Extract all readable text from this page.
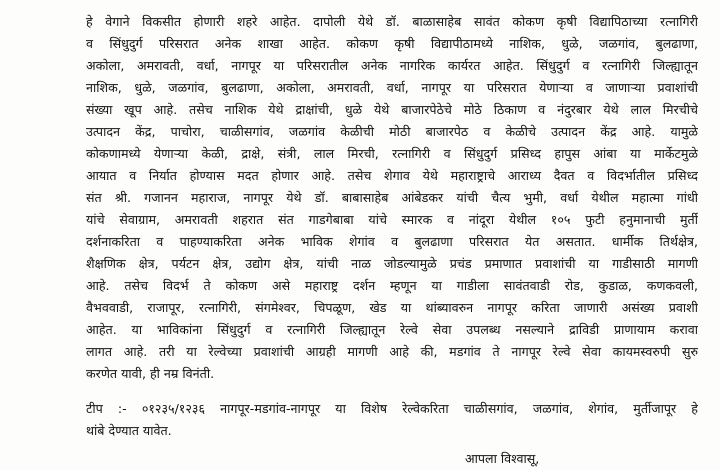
हे वेगाने विकसीत होणारी शहरे आहेत. दापोली येथे डॉ. बाळासाहेब सावंत कोकण कृषी विद्यापिठाच्या रत्नागिरी
व सिंधुदुर्ग परिसरात अनेक शाखा आहेत. कोकण कृषी विद्यापीठामध्ये नाशिक, धुळे, जळगांव, बुलढाणा,
अकोला, अमरावती, वर्धा, नागपूर या परिसरातील अनेक नागरिक कार्यरत आहेत. सिंधुदुर्ग व रत्नागिरी जिल्ह्यातून
नाशिक, धुळे, जळगांव, बुलढाणा, अकोला, अमरावती, वर्धा, नागपूर या परिसरात येणाऱ्या व जाणाऱ्या प्रवाशांची
संख्या खूप आहे. तसेच नाशिक येथे द्राक्षांची, धुळे येथे बाजारपेठेचे मोठे ठिकाण व नंदुरबार येथे लाल मिरचीचे
उत्पादन केंद्र, पाचोरा, चाळीसगांव, जळगांव केळीची मोठी बाजारपेठ व केळीचे उत्पादन केंद्र आहे. यामुळे
कोकणामध्ये येणाऱ्या केळी, द्राक्षे, संत्री, लाल मिरची, रत्नागिरी व सिंधुदुर्ग प्रसिध्द हापुस आंबा या मार्केटमुळे
आयात व निर्यात होण्यास मदत होणार आहे. तसेच शेगाव येथे महाराष्ट्राचे आराध्य दैवत व विदर्भातील प्रसिध्द
संत श्री. गजानन महाराज, नागपूर येथे डॉ. बाबासाहेब आंबेडकर यांची चैत्य भुमी, वर्धा येथील महात्मा गांधी
यांचे सेवाग्राम, अमरावती शहरात संत गाडगेबाबा यांचे स्मारक व नांदूरा येथील १०५ फुटी हनुमानाची मुर्ती
दर्शनाकरिता व पाहण्याकरिता अनेक भाविक शेगांव व बुलढाणा परिसरात येत असतात. धार्मीक तिर्थक्षेत्र,
शैक्षणिक क्षेत्र, पर्यटन क्षेत्र, उद्योग क्षेत्र, यांची नाळ जोडल्यामुळे प्रचंड प्रमाणात प्रवाशांची या गाडीसाठी मागणी
आहे. तसेच विदर्भ ते कोकण असे महाराष्ट्र दर्शन म्हणून या गाडीला सावंतवाडी रोड, कुडाळ, कणकवली,
वैभववाडी, राजापूर, रत्नागिरी, संगमेश्वर, चिपळूण, खेड या थांब्यावरुन नागपूर करिता जाणारी असंख्य प्रवाशी
आहेत. या भाविकांना सिंधुदुर्ग व रत्नागिरी जिल्ह्यातून रेल्वे सेवा उपलब्ध नसल्याने द्राविडी प्राणायाम करावा
लागत आहे. तरी या रेल्वेच्या प्रवाशांची आग्रही मागणी आहे की, मडगांव ते नागपूर रेल्वे सेवा कायमस्वरुपी सुरु
करणेत यावी, ही नम्र विनंती.
टीप :- ०१२३५/१२३६ नागपूर-मडगांव-नागपूर या विशेष रेल्वेकरिता चाळीसगांव, जळगांव, शेगांव, मुर्तीजापूर हे
थांबे देण्यात यावेत.
आपला विश्वासू,
